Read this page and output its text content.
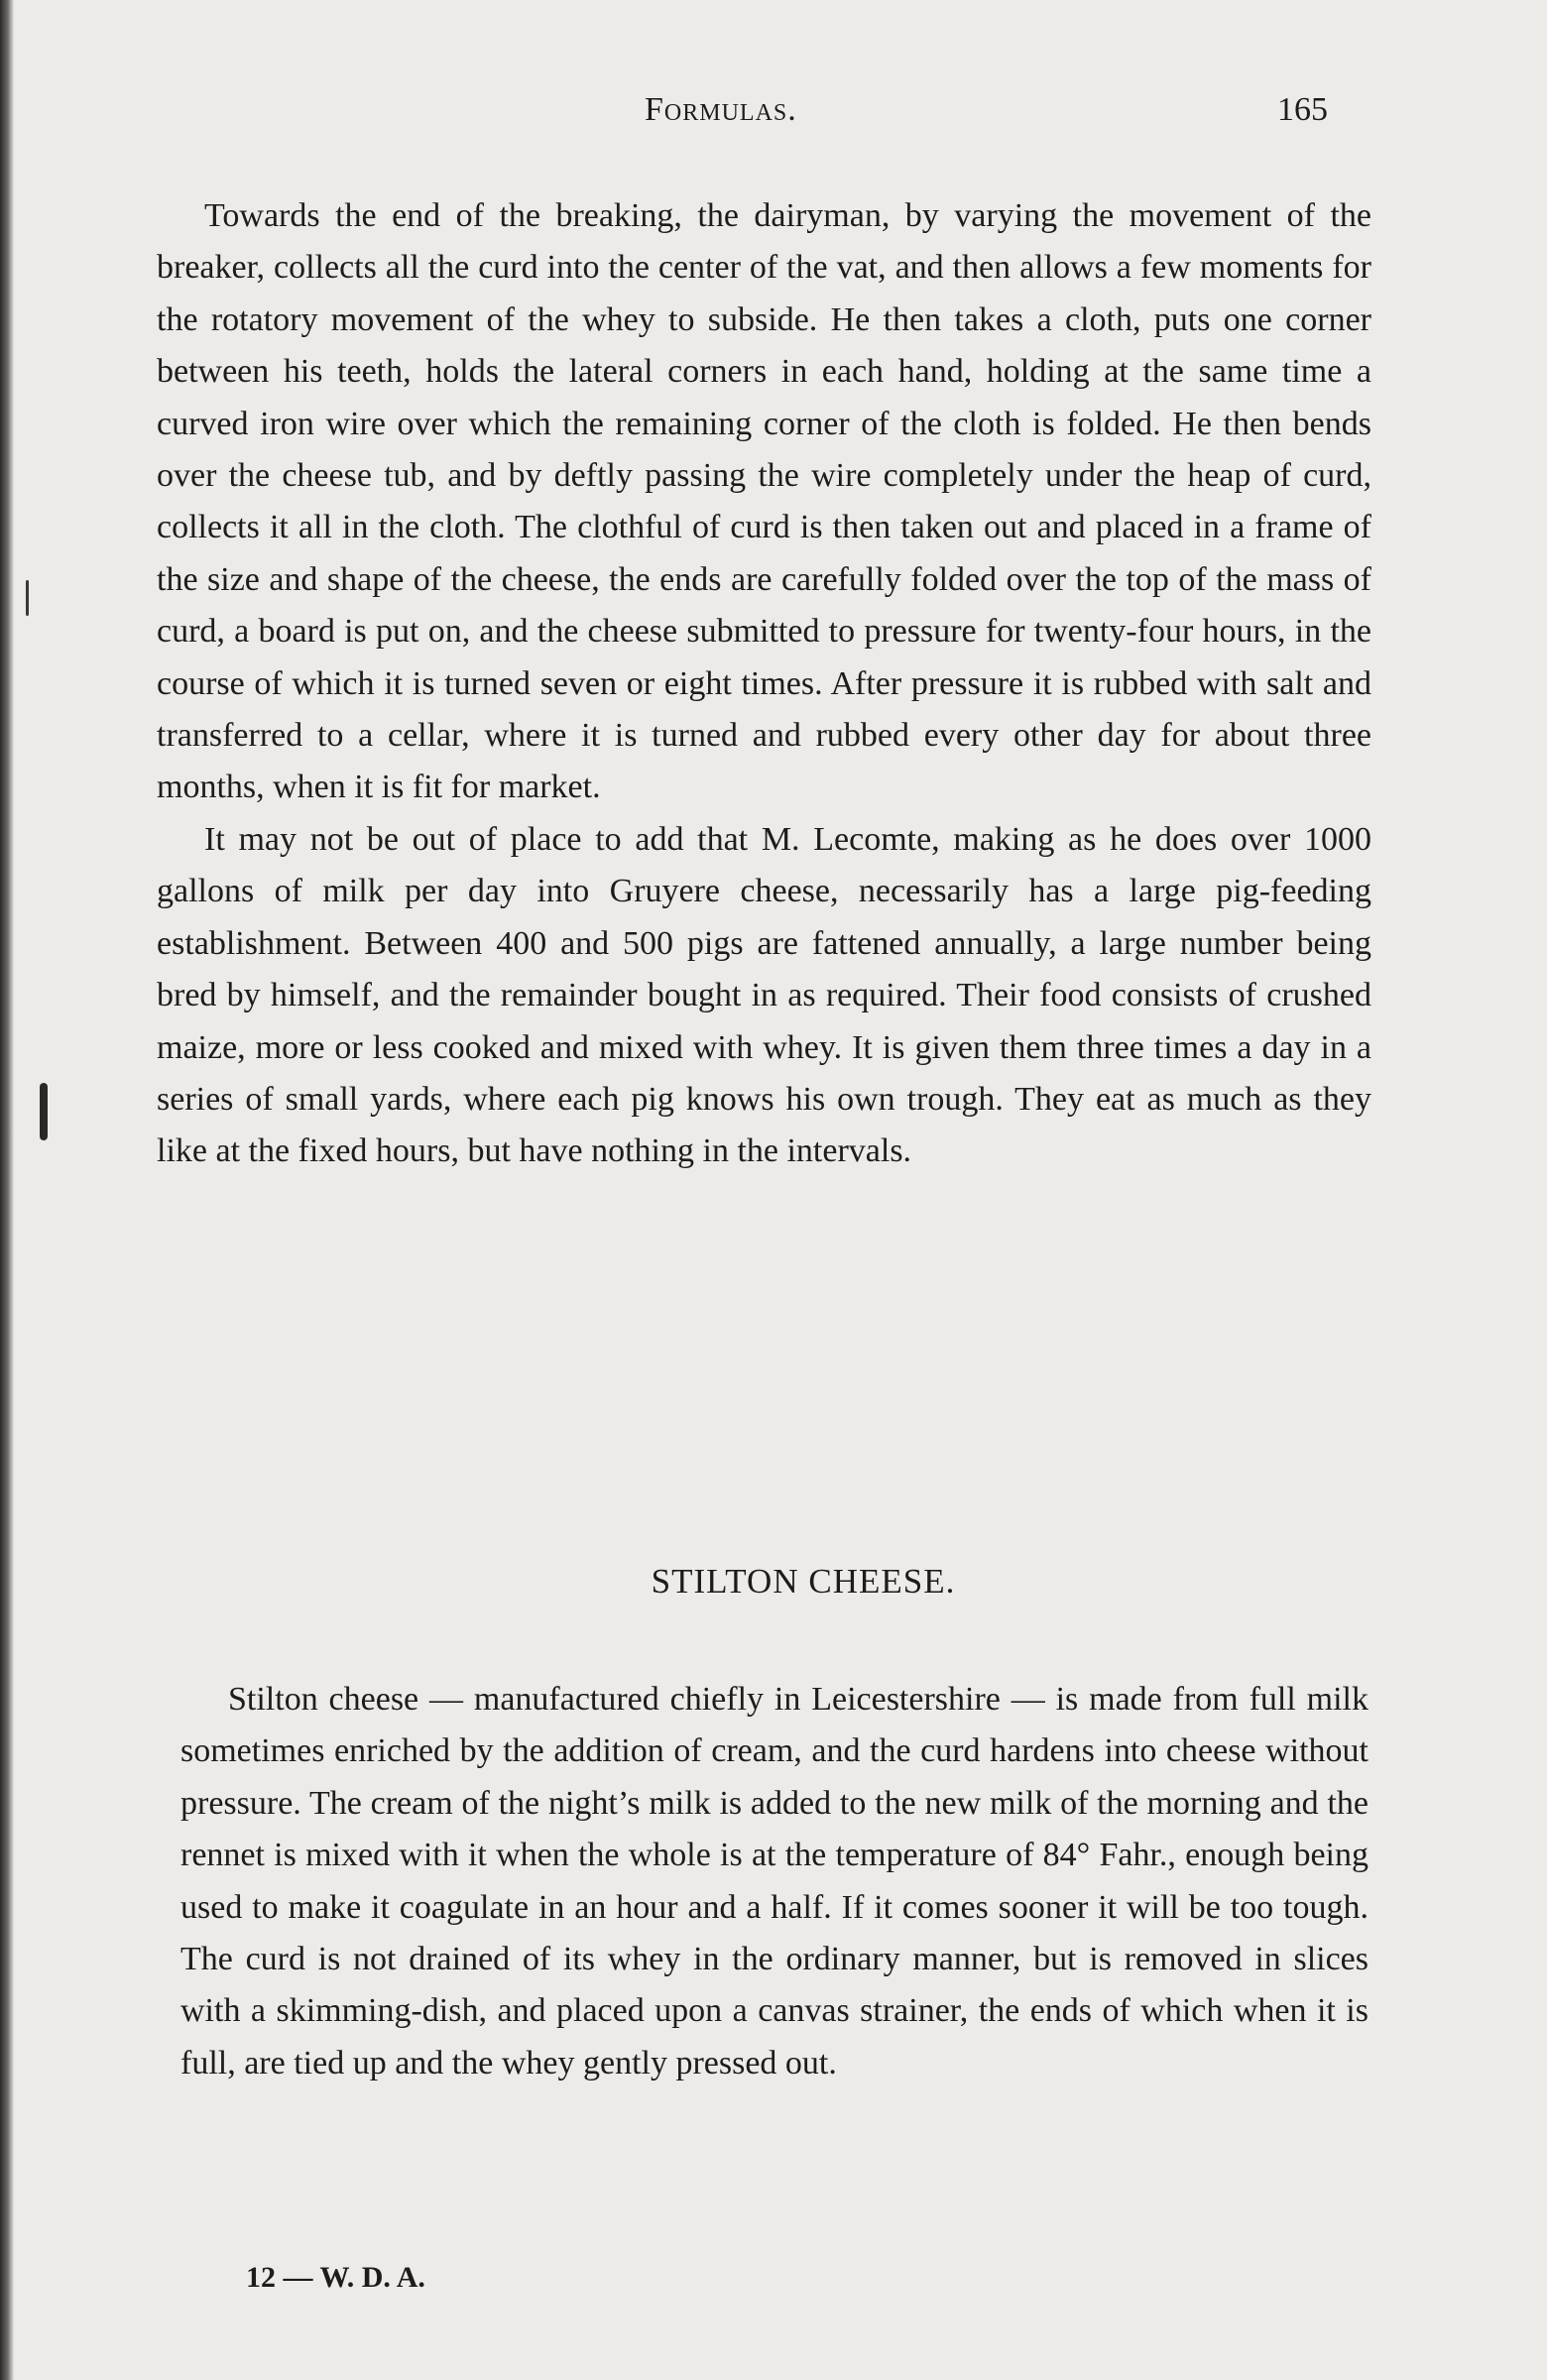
Formulas.	165

Towards the end of the breaking, the dairyman, by varying the movement of the breaker, collects all the curd into the center of the vat, and then allows a few moments for the rotatory movement of the whey to subside. He then takes a cloth, puts one corner between his teeth, holds the lateral corners in each hand, holding at the same time a curved iron wire over which the remaining corner of the cloth is folded. He then bends over the cheese tub, and by deftly passing the wire completely under the heap of curd, collects it all in the cloth. The clothful of curd is then taken out and placed in a frame of the size and shape of the cheese, the ends are carefully folded over the top of the mass of curd, a board is put on, and the cheese submitted to pressure for twenty-four hours, in the course of which it is turned seven or eight times. After pressure it is rubbed with salt and transferred to a cellar, where it is turned and rubbed every other day for about three months, when it is fit for market.

It may not be out of place to add that M. Lecomte, making as he does over 1000 gallons of milk per day into Gruyere cheese, necessarily has a large pig-feeding establishment. Between 400 and 500 pigs are fattened annually, a large number being bred by himself, and the remainder bought in as required. Their food consists of crushed maize, more or less cooked and mixed with whey. It is given them three times a day in a series of small yards, where each pig knows his own trough. They eat as much as they like at the fixed hours, but have nothing in the intervals.

STILTON CHEESE.

Stilton cheese — manufactured chiefly in Leicestershire — is made from full milk sometimes enriched by the addition of cream, and the curd hardens into cheese without pressure. The cream of the night’s milk is added to the new milk of the morning and the rennet is mixed with it when the whole is at the temperature of 84° Fahr., enough being used to make it coagulate in an hour and a half. If it comes sooner it will be too tough. The curd is not drained of its whey in the ordinary manner, but is removed in slices with a skimming-dish, and placed upon a canvas strainer, the ends of which when it is full, are tied up and the whey gently pressed out.

12 — W. D. A.
